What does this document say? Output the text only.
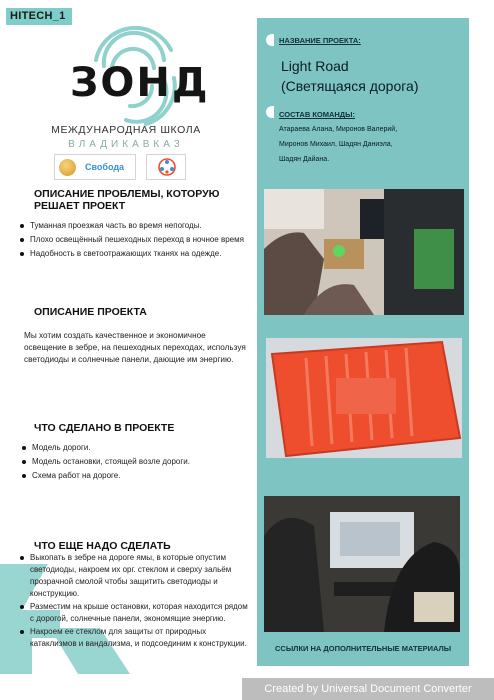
HITECH_1
ЗОНД
МЕЖДУНАРОДНАЯ ШКОЛА
ВЛАДИКАВКАЗ
Свобода
ОПИСАНИЕ ПРОБЛЕМЫ, КОТОРУЮ РЕШАЕТ ПРОЕКТ
Туманная проезжая часть во время непогоды.
Плохо освещённый пешеходных переход в ночное время
Надобность в светоотражающих тканях на одежде.
ОПИСАНИЕ ПРОЕКТА
Мы хотим создать качественное и экономичное освещение в зебре, на пешеходных переходах, используя светодиоды и солнечные панели, дающие им энергию.
ЧТО СДЕЛАНО В ПРОЕКТЕ
Модель дороги.
Модель остановки, стоящей возле дороги.
Схема работ на дороге.
ЧТО ЕЩЕ НАДО СДЕЛАТЬ
Выкопать в зебре на дороге ямы, в которые опустим светодиоды, накроем их орг. стеклом и сверху зальём прозрачной смолой чтобы защитить светодиоды и конструкцию.
Разместим на крыше остановки, которая находится рядом с дорогой, солнечные панели, экономящие энергию.
Накроем ее стеклом для защиты от природных катаклизмов и вандализма, и подсоединим к конструкции.
НАЗВАНИЕ ПРОЕКТА:
Light Road
(Светящаяся дорога)
СОСТАВ КОМАНДЫ:
Атараева Алана, Миронов Валерий,
Миронов Михаил, Шадян Даниэла,
Шадян Дайана.
ССЫЛКИ НА ДОПОЛНИТЕЛЬНЫЕ МАТЕРИАЛЫ
Created by Universal Document Converter
